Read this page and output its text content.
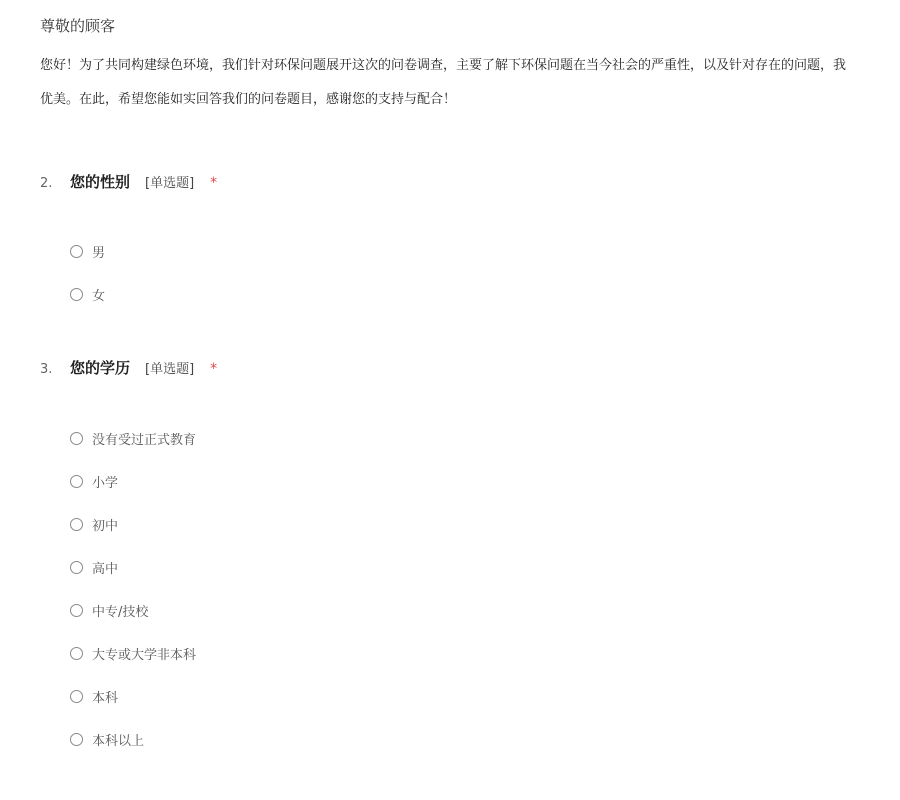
尊敬的顾客
您好！为了共同构建绿色环境，我们针对环保问题展开这次的问卷调查，主要了解下环保问题在当今社会的严重性，以及针对存在的问题，我
优美。在此，希望您能如实回答我们的问卷题目，感谢您的支持与配合！
2.	您的性别 [单选题] *
男
女
3.	您的学历 [单选题] *
没有受过正式教育
小学
初中
高中
中专/技校
大专或大学非本科
本科
本科以上
